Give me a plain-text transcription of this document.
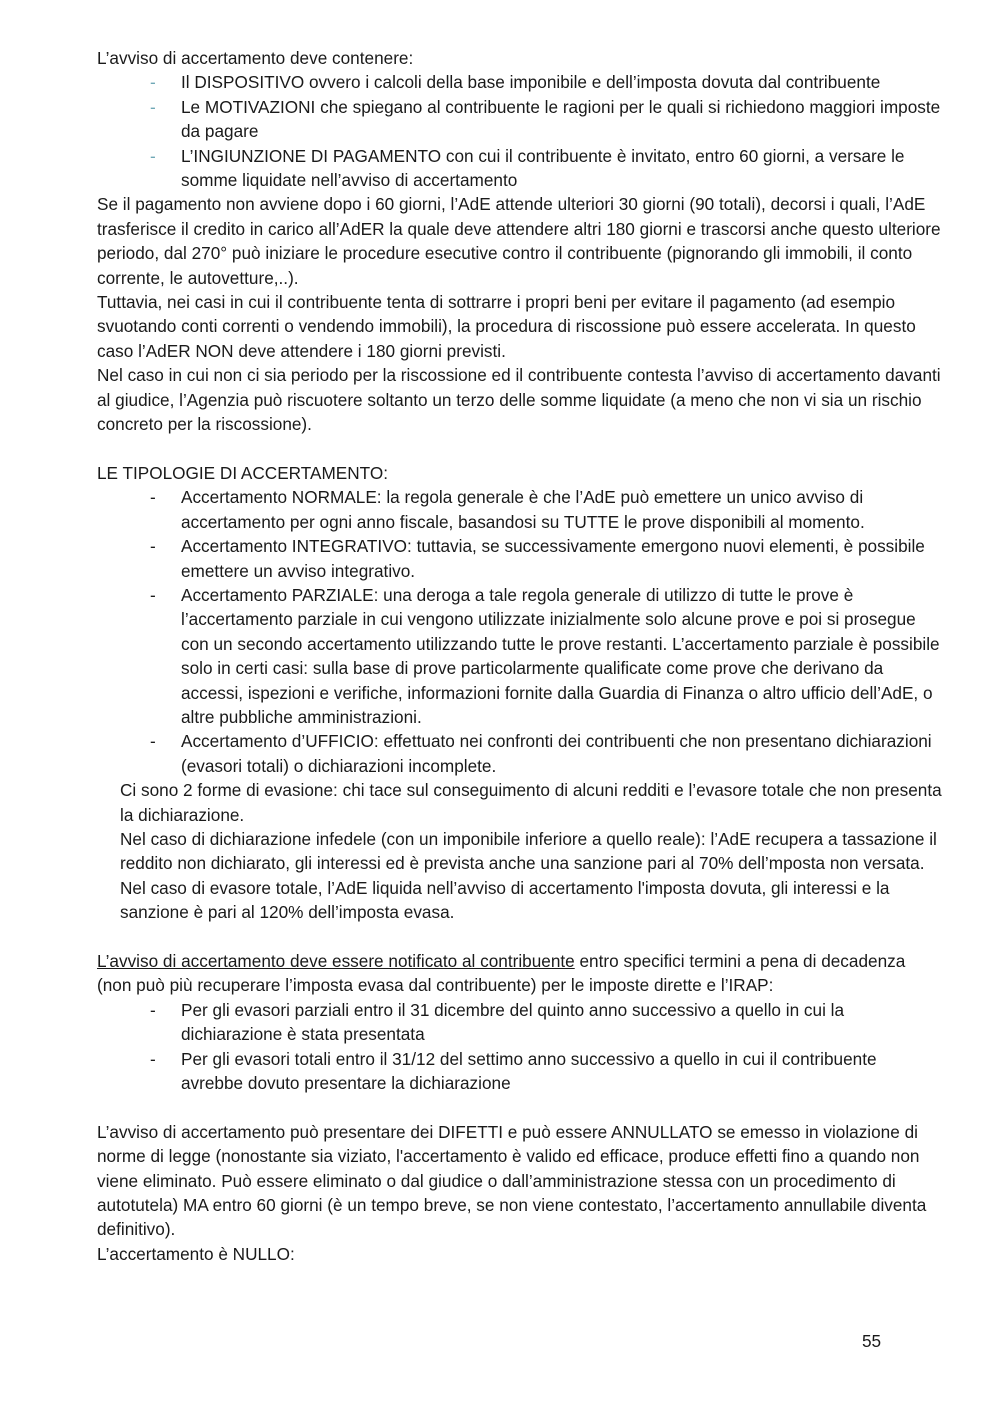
L’avviso di accertamento deve contenere:

- Il DISPOSITIVO ovvero i calcoli della base imponibile e dell’imposta dovuta dal contribuente
- Le MOTIVAZIONI che spiegano al contribuente le ragioni per le quali si richiedono maggiori imposte da pagare
- L’INGIUNZIONE DI PAGAMENTO con cui il contribuente è invitato, entro 60 giorni, a versare le somme liquidate nell’avviso di accertamento

Se il pagamento non avviene dopo i 60 giorni, l’AdE attende ulteriori 30 giorni (90 totali), decorsi i quali, l’AdE trasferisce il credito in carico all’AdER la quale deve attendere altri 180 giorni e trascorsi anche questo ulteriore periodo, dal 270° può iniziare le procedure esecutive contro il contribuente (pignorando gli immobili, il conto corrente, le autovetture,..).

Tuttavia, nei casi in cui il contribuente tenta di sottrarre i propri beni per evitare il pagamento (ad esempio svuotando conti correnti o vendendo immobili), la procedura di riscossione può essere accelerata. In questo caso l’AdER NON deve attendere i 180 giorni previsti.

Nel caso in cui non ci sia periodo per la riscossione ed il contribuente contesta l’avviso di accertamento davanti al giudice, l’Agenzia può riscuotere soltanto un terzo delle somme liquidate (a meno che non vi sia un rischio concreto per la riscossione).

LE TIPOLOGIE DI ACCERTAMENTO:

- Accertamento NORMALE: la regola generale è che l’AdE può emettere un unico avviso di accertamento per ogni anno fiscale, basandosi su TUTTE le prove disponibili al momento.
- Accertamento INTEGRATIVO: tuttavia, se successivamente emergono nuovi elementi, è possibile emettere un avviso integrativo.
- Accertamento PARZIALE: una deroga a tale regola generale di utilizzo di tutte le prove è l’accertamento parziale in cui vengono utilizzate inizialmente solo alcune prove e poi si prosegue con un secondo accertamento utilizzando tutte le prove restanti. L’accertamento parziale è possibile solo in certi casi: sulla base di prove particolarmente qualificate come prove che derivano da accessi, ispezioni e verifiche, informazioni fornite dalla Guardia di Finanza o altro ufficio dell’AdE, o altre pubbliche amministrazioni.
- Accertamento d’UFFICIO: effettuato nei confronti dei contribuenti che non presentano dichiarazioni (evasori totali) o dichiarazioni incomplete.

Ci sono 2 forme di evasione: chi tace sul conseguimento di alcuni redditi e l’evasore totale che non presenta la dichiarazione.

Nel caso di dichiarazione infedele (con un imponibile inferiore a quello reale): l’AdE recupera a tassazione il reddito non dichiarato, gli interessi ed è prevista anche una sanzione pari al 70% dell’mposta non versata.

Nel caso di evasore totale, l’AdE liquida nell’avviso di accertamento l'imposta dovuta, gli interessi e la sanzione è pari al 120% dell’imposta evasa.

L’avviso di accertamento deve essere notificato al contribuente entro specifici termini a pena di decadenza (non può più recuperare l’imposta evasa dal contribuente) per le imposte dirette e l’IRAP:

- Per gli evasori parziali entro il 31 dicembre del quinto anno successivo a quello in cui la dichiarazione è stata presentata
- Per gli evasori totali entro il 31/12 del settimo anno successivo a quello in cui il contribuente avrebbe dovuto presentare la dichiarazione

L’avviso di accertamento può presentare dei DIFETTI e può essere ANNULLATO se emesso in violazione di norme di legge (nonostante sia viziato, l'accertamento è valido ed efficace, produce effetti fino a quando non viene eliminato. Può essere eliminato o dal giudice o dall’amministrazione stessa con un procedimento di autotutela) MA entro 60 giorni (è un tempo breve, se non viene contestato, l’accertamento annullabile diventa definitivo).

L’accertamento è NULLO:

55
